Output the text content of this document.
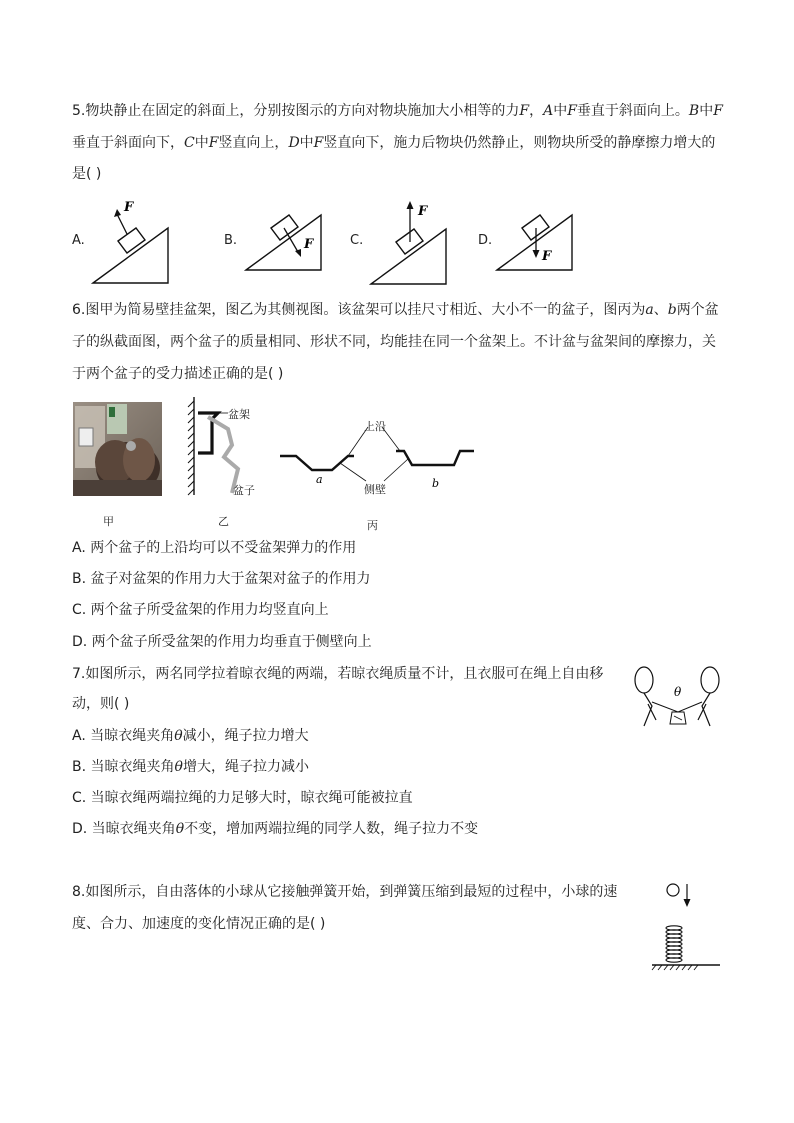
5.物块静止在固定的斜面上，分别按图示的方向对物块施加大小相等的力F，A中F垂直于斜面向上。B中F
垂直于斜面向下，C中F竖直向上，D中F竖直向下，施力后物块仍然静止，则物块所受的静摩擦力增大的
是( )
A.	B.	C.	D.
F
F
F
F
6.图甲为简易壁挂盆架，图乙为其侧视图。该盆架可以挂尺寸相近、大小不一的盆子，图丙为a、b两个盆
子的纵截面图，两个盆子的质量相同、形状不同，均能挂在同一个盆架上。不计盆与盆架间的摩擦力，关
于两个盆子的受力描述正确的是( )
甲
盆架
盆子
乙
a	b
上沿
侧壁
丙
A. 两个盆子的上沿均可以不受盆架弹力的作用
B. 盆子对盆架的作用力大于盆架对盆子的作用力
C. 两个盆子所受盆架的作用力均竖直向上
D. 两个盆子所受盆架的作用力均垂直于侧壁向上
7.如图所示，两名同学拉着晾衣绳的两端，若晾衣绳质量不计，且衣服可在绳上自由移
动，则( )
θ
A. 当晾衣绳夹角θ减小，绳子拉力增大
B. 当晾衣绳夹角θ增大，绳子拉力减小
C. 当晾衣绳两端拉绳的力足够大时，晾衣绳可能被拉直
D. 当晾衣绳夹角θ不变，增加两端拉绳的同学人数，绳子拉力不变
8.如图所示，自由落体的小球从它接触弹簧开始，到弹簧压缩到最短的过程中，小球的速
度、合力、加速度的变化情况正确的是( )
